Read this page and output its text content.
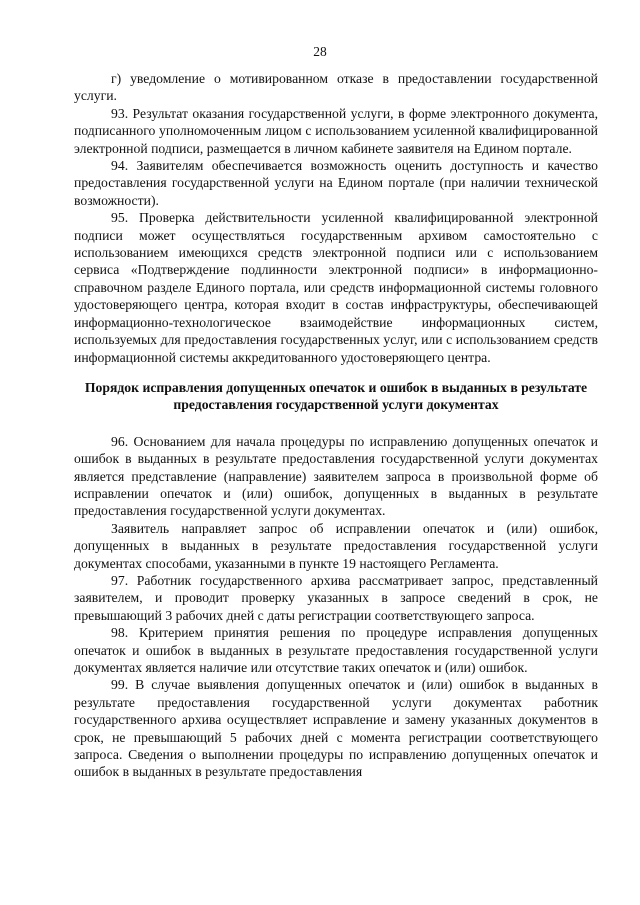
28

г) уведомление о мотивированном отказе в предоставлении государственной услуги.

93. Результат оказания государственной услуги, в форме электронного документа, подписанного уполномоченным лицом с использованием усиленной квалифицированной электронной подписи, размещается в личном кабинете заявителя на Едином портале.

94. Заявителям обеспечивается возможность оценить доступность и качество предоставления государственной услуги на Едином портале (при наличии технической возможности).

95. Проверка действительности усиленной квалифицированной электронной подписи может осуществляться государственным архивом самостоятельно с использованием имеющихся средств электронной подписи или с использованием сервиса «Подтверждение подлинности электронной подписи» в информационно-справочном разделе Единого портала, или средств информационной системы головного удостоверяющего центра, которая входит в состав инфраструктуры, обеспечивающей информационно-технологическое взаимодействие информационных систем, используемых для предоставления государственных услуг, или с использованием средств информационной системы аккредитованного удостоверяющего центра.

Порядок исправления допущенных опечаток и ошибок в выданных в результате предоставления государственной услуги документах

96. Основанием для начала процедуры по исправлению допущенных опечаток и ошибок в выданных в результате предоставления государственной услуги документах является представление (направление) заявителем запроса в произвольной форме об исправлении опечаток и (или) ошибок, допущенных в выданных в результате предоставления государственной услуги документах.

Заявитель направляет запрос об исправлении опечаток и (или) ошибок, допущенных в выданных в результате предоставления государственной услуги документах способами, указанными в пункте 19 настоящего Регламента.

97. Работник государственного архива рассматривает запрос, представленный заявителем, и проводит проверку указанных в запросе сведений в срок, не превышающий 3 рабочих дней с даты регистрации соответствующего запроса.

98. Критерием принятия решения по процедуре исправления допущенных опечаток и ошибок в выданных в результате предоставления государственной услуги документах является наличие или отсутствие таких опечаток и (или) ошибок.

99. В случае выявления допущенных опечаток и (или) ошибок в выданных в результате предоставления государственной услуги документах работник государственного архива осуществляет исправление и замену указанных документов в срок, не превышающий 5 рабочих дней с момента регистрации соответствующего запроса. Сведения о выполнении процедуры по исправлению допущенных опечаток и ошибок в выданных в результате предоставления
